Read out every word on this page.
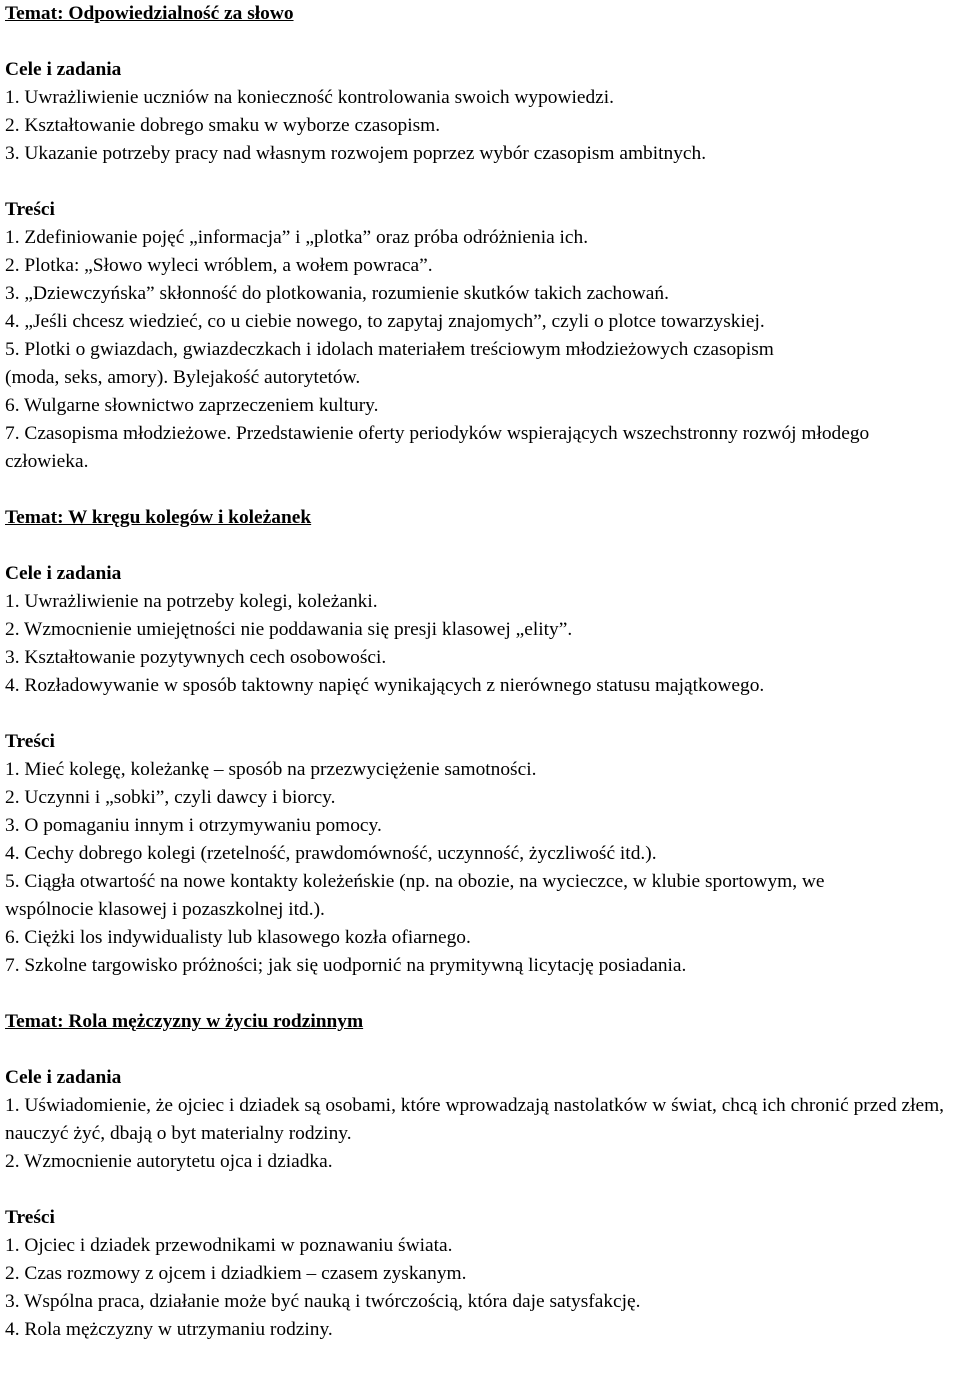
Temat: Odpowiedzialność za słowo
Cele i zadania
1. Uwrażliwienie uczniów na konieczność kontrolowania swoich wypowiedzi.
2. Kształtowanie dobrego smaku w wyborze czasopism.
3. Ukazanie potrzeby pracy nad własnym rozwojem poprzez wybór czasopism ambitnych.
Treści
1. Zdefiniowanie pojęć „informacja” i „plotka” oraz próba odróżnienia ich.
2. Plotka: „Słowo wyleci wróblem, a wołem powraca”.
3. „Dziewczyńska” skłonność do plotkowania, rozumienie skutków takich zachowań.
4. „Jeśli chcesz wiedzieć, co u ciebie nowego, to zapytaj znajomych”, czyli o plotce towarzyskiej.
5. Plotki o gwiazdach, gwiazdeczkach i idolach materiałem treściowym młodzieżowych czasopism
(moda, seks, amory). Bylejakość autorytetów.
6. Wulgarne słownictwo zaprzeczeniem kultury.
7. Czasopisma młodzieżowe. Przedstawienie oferty periodyków wspierających wszechstronny rozwój młodego człowieka.
Temat: W kręgu kolegów i koleżanek
Cele i zadania
1. Uwrażliwienie na potrzeby kolegi, koleżanki.
2. Wzmocnienie umiejętności nie poddawania się presji klasowej „elity”.
3. Kształtowanie pozytywnych cech osobowości.
4. Rozładowywanie w sposób taktowny napięć wynikających z nierównego statusu majątkowego.
Treści
1. Mieć kolegę, koleżankę – sposób na przezwyciężenie samotności.
2. Uczynni i „sobki”, czyli dawcy i biorcy.
3. O pomaganiu innym i otrzymywaniu pomocy.
4. Cechy dobrego kolegi (rzetelność, prawdomówność, uczynność, życzliwość itd.).
5. Ciągła otwartość na nowe kontakty koleżeńskie (np. na obozie, na wycieczce, w klubie sportowym, we wspólnocie klasowej i pozaszkolnej itd.).
6. Ciężki los indywidualisty lub klasowego kozła ofiarnego.
7. Szkolne targowisko próżności; jak się uodpornić na prymitywną licytację posiadania.
Temat: Rola mężczyzny w życiu rodzinnym
Cele i zadania
1. Uświadomienie, że ojciec i dziadek są osobami, które wprowadzają nastolatków w świat, chcą ich chronić przed złem, nauczyć żyć, dbają o byt materialny rodziny.
2. Wzmocnienie autorytetu ojca i dziadka.
Treści
1. Ojciec i dziadek przewodnikami w poznawaniu świata.
2. Czas rozmowy z ojcem i dziadkiem – czasem zyskanym.
3. Wspólna praca, działanie może być nauką i twórczością, która daje satysfakcję.
4. Rola mężczyzny w utrzymaniu rodziny.
